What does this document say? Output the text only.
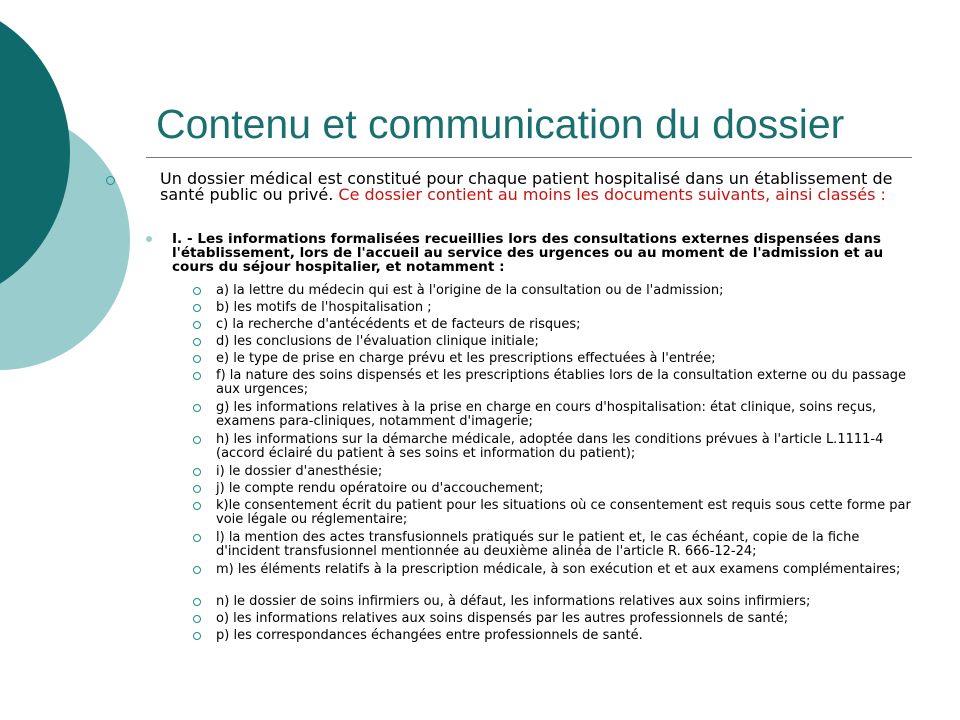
Contenu et communication du dossier
Un dossier médical est constitué pour chaque patient hospitalisé dans un établissement de santé public ou privé. Ce dossier contient au moins les documents suivants, ainsi classés :
I. - Les informations formalisées recueillies lors des consultations externes dispensées dans l'établissement, lors de l'accueil au service des urgences ou au moment de l'admission et au cours du séjour hospitalier, et notamment :
a) la lettre du médecin qui est à l'origine de la consultation ou de l'admission;
b) les motifs de l'hospitalisation ;
c) la recherche d'antécédents et de facteurs de risques;
d) les conclusions de l'évaluation clinique initiale;
e) le type de prise en charge prévu et les prescriptions effectuées à l'entrée;
f) la nature des soins dispensés et les prescriptions établies lors de la consultation externe ou du passage aux urgences;
g) les informations relatives à la prise en charge en cours d'hospitalisation: état clinique, soins reçus, examens para-cliniques, notamment d'imagerie;
h) les informations sur la démarche médicale, adoptée dans les conditions prévues à l'article L.1111-4 (accord éclairé du patient à ses soins et information du patient);
i) le dossier d'anesthésie;
j) le compte rendu opératoire ou d'accouchement;
k)le consentement écrit du patient pour les situations où ce consentement est requis sous cette forme par voie légale ou réglementaire;
l) la mention des actes transfusionnels pratiqués sur le patient et, le cas échéant, copie de la fiche d'incident transfusionnel mentionnée au deuxième alinéa de l'article R. 666-12-24;
m) les éléments relatifs à la prescription médicale, à son exécution et et aux examens complémentaires;
n) le dossier de soins infirmiers ou, à défaut, les informations relatives aux soins infirmiers;
o) les informations relatives aux soins dispensés par les autres professionnels de santé;
p) les correspondances échangées entre professionnels de santé.
